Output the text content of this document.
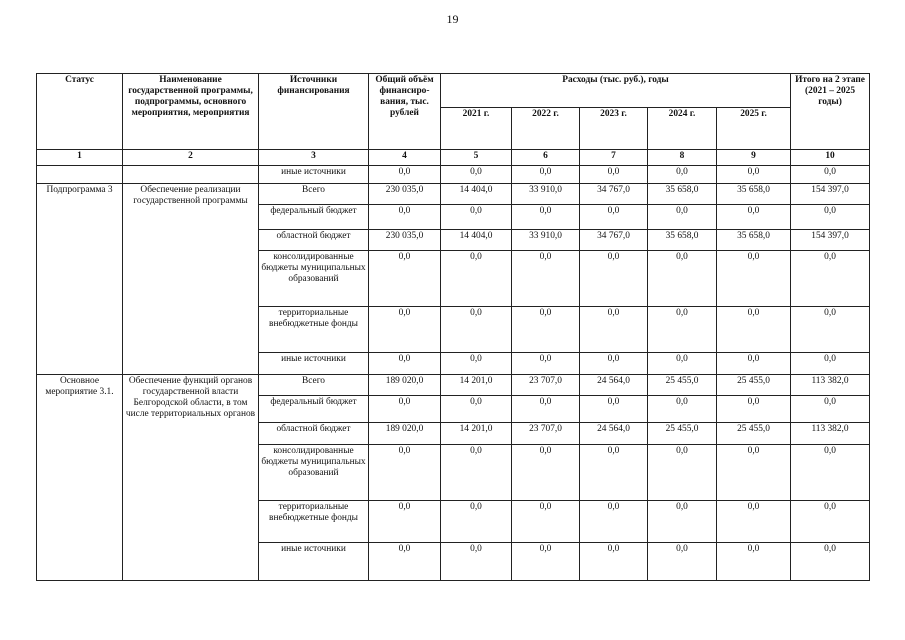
19
Статус	Наименование государственной программы, подпрограммы, основного мероприятия, мероприятия	Источники финансирования	Общий объём финансиро-вания, тыс. рублей	Расходы (тыс. руб.), годы					Итого на 2 этапе (2021 – 2025 годы)
				2021 г.	2022 г.	2023 г.	2024 г.	2025 г.	
1	2	3	4	5	6	7	8	9	10
		иные источники	0,0	0,0	0,0	0,0	0,0	0,0	0,0
Подпрограмма 3	Обеспечение реализации государственной программы	Всего	230 035,0	14 404,0	33 910,0	34 767,0	35 658,0	35 658,0	154 397,0
		федеральный бюджет	0,0	0,0	0,0	0,0	0,0	0,0	0,0
		областной бюджет	230 035,0	14 404,0	33 910,0	34 767,0	35 658,0	35 658,0	154 397,0
		консолидированные бюджеты муниципальных образований	0,0	0,0	0,0	0,0	0,0	0,0	0,0
		территориальные внебюджетные фонды	0,0	0,0	0,0	0,0	0,0	0,0	0,0
		иные источники	0,0	0,0	0,0	0,0	0,0	0,0	0,0
Основное мероприятие 3.1.	Обеспечение функций органов государственной власти Белгородской области, в том числе территориальных органов	Всего	189 020,0	14 201,0	23 707,0	24 564,0	25 455,0	25 455,0	113 382,0
		федеральный бюджет	0,0	0,0	0,0	0,0	0,0	0,0	0,0
		областной бюджет	189 020,0	14 201,0	23 707,0	24 564,0	25 455,0	25 455,0	113 382,0
		консолидированные бюджеты муниципальных образований	0,0	0,0	0,0	0,0	0,0	0,0	0,0
		территориальные внебюджетные фонды	0,0	0,0	0,0	0,0	0,0	0,0	0,0
		иные источники	0,0	0,0	0,0	0,0	0,0	0,0	0,0
